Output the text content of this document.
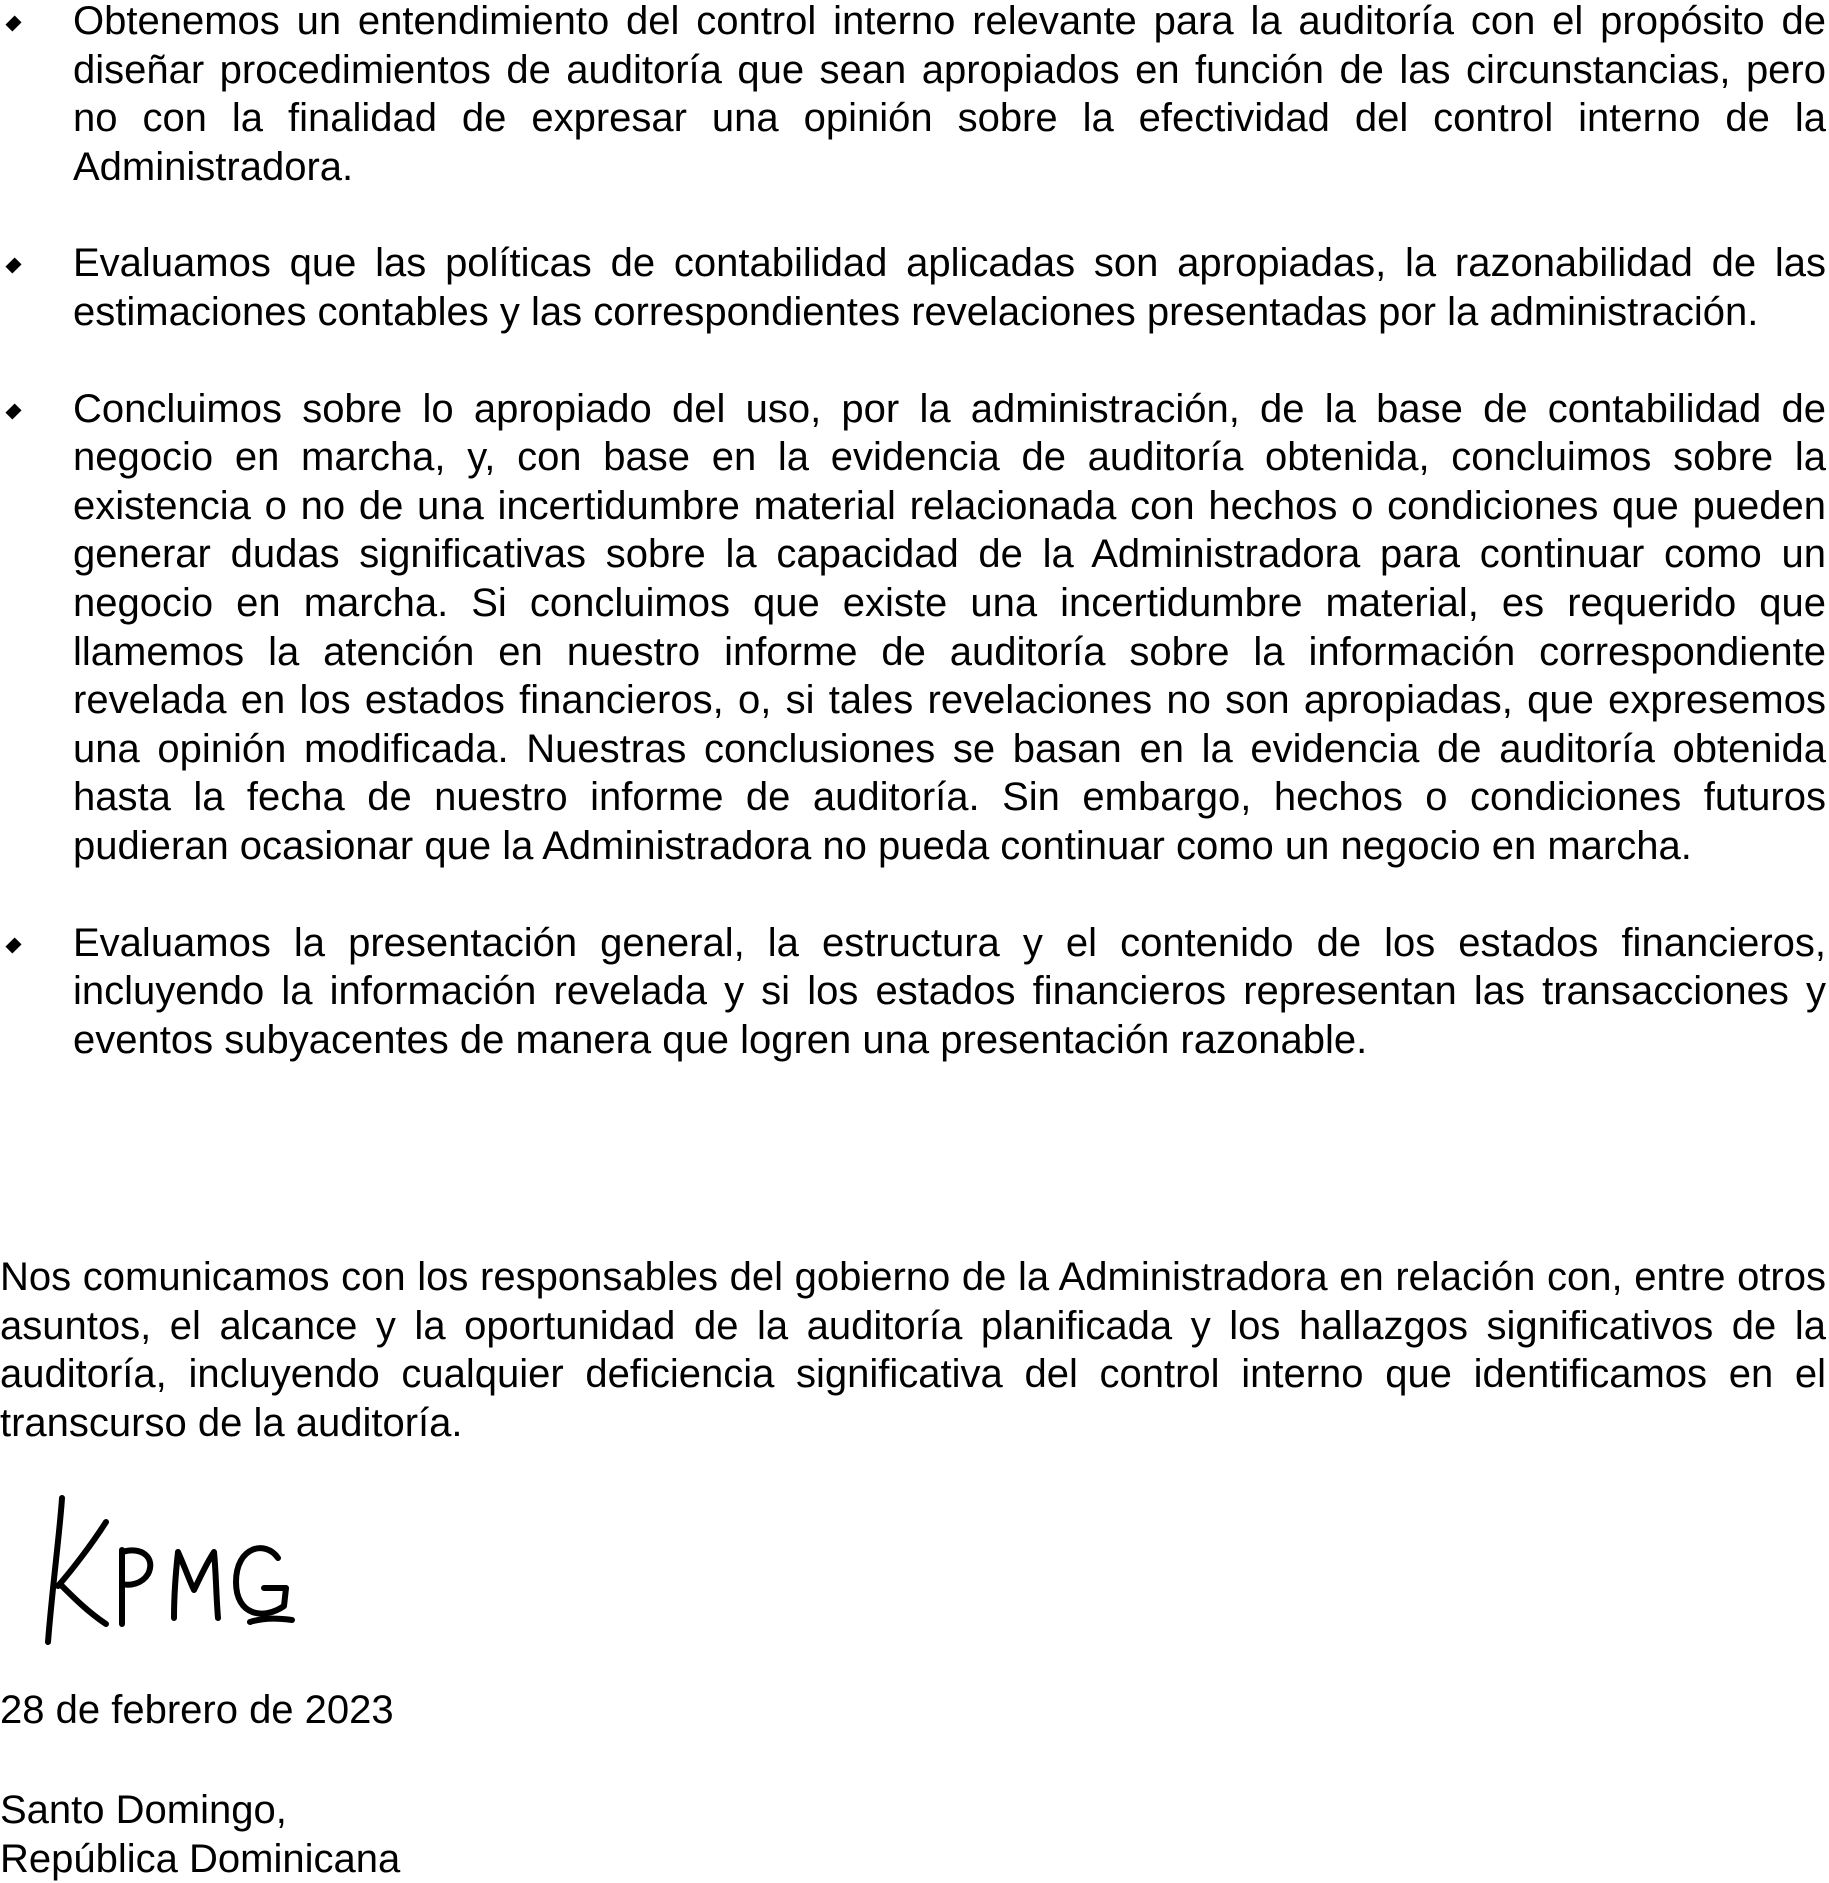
Obtenemos un entendimiento del control interno relevante para la auditoría con el propósito de diseñar procedimientos de auditoría que sean apropiados en función de las circunstancias, pero no con la finalidad de expresar una opinión sobre la efectividad del control interno de la Administradora.
Evaluamos que las políticas de contabilidad aplicadas son apropiadas, la razonabilidad de las estimaciones contables y las correspondientes revelaciones presentadas por la administración.
Concluimos sobre lo apropiado del uso, por la administración, de la base de contabilidad de negocio en marcha, y, con base en la evidencia de auditoría obtenida, concluimos sobre la existencia o no de una incertidumbre material relacionada con hechos o condiciones que pueden generar dudas significativas sobre la capacidad de la Administradora para continuar como un negocio en marcha. Si concluimos que existe una incertidumbre material, es requerido que llamemos la atención en nuestro informe de auditoría sobre la información correspondiente revelada en los estados financieros, o, si tales revelaciones no son apropiadas, que expresemos una opinión modificada. Nuestras conclusiones se basan en la evidencia de auditoría obtenida hasta la fecha de nuestro informe de auditoría. Sin embargo, hechos o condiciones futuros pudieran ocasionar que la Administradora no pueda continuar como un negocio en marcha.
Evaluamos la presentación general, la estructura y el contenido de los estados financieros, incluyendo la información revelada y si los estados financieros representan las transacciones y eventos subyacentes de manera que logren una presentación razonable.

Nos comunicamos con los responsables del gobierno de la Administradora en relación con, entre otros asuntos, el alcance y la oportunidad de la auditoría planificada y los hallazgos significativos de la auditoría, incluyendo cualquier deficiencia significativa del control interno que identificamos en el transcurso de la auditoría.

28 de febrero de 2023

Santo Domingo,
República Dominicana
